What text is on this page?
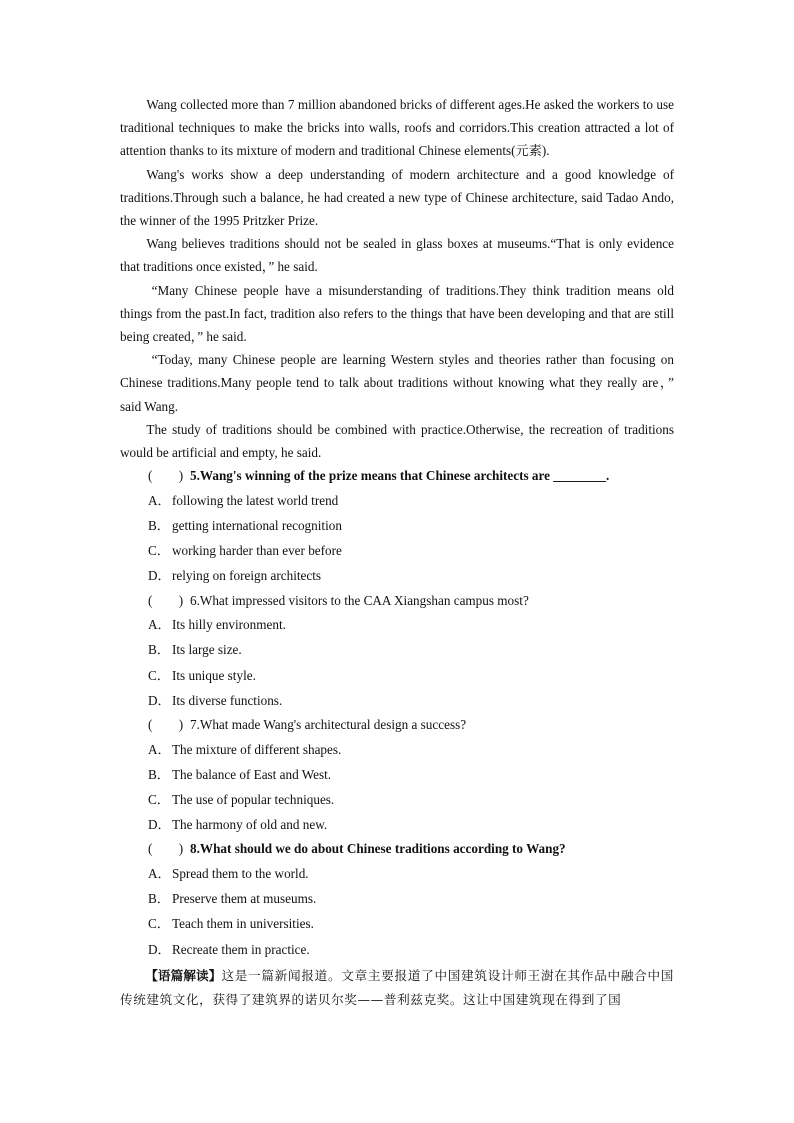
Wang collected more than 7 million abandoned bricks of different ages.He asked the workers to use traditional techniques to make the bricks into walls, roofs and corridors.This creation attracted a lot of attention thanks to its mixture of modern and traditional Chinese elements(元素).

Wang's works show a deep understanding of modern architecture and a good knowledge of traditions.Through such a balance, he had created a new type of Chinese architecture, said Tadao Ando, the winner of the 1995 Pritzker Prize.

Wang believes traditions should not be sealed in glass boxes at museums.“That is only evidence that traditions once existed，” he said.

“Many Chinese people have a misunderstanding of traditions.They think tradition means old things from the past.In fact, tradition also refers to the things that have been developing and that are still being created，” he said.

“Today, many Chinese people are learning Western styles and theories rather than focusing on Chinese traditions.Many people tend to talk about traditions without knowing what they really are，” said Wang.

The study of traditions should be combined with practice.Otherwise, the recreation of traditions would be artificial and empty, he said.

(　　) 5.Wang's winning of the prize means that Chinese architects are ________.

A．following the latest world trend

B． getting international recognition

C． working harder than ever before

D．relying on foreign architects

(　　) 6.What impressed visitors to the CAA Xiangshan campus most?

A．Its hilly environment.

B． Its large size.

C． Its unique style.

D．Its diverse functions.

(　　) 7.What made Wang's architectural design a success?

A．The mixture of different shapes.

B． The balance of East and West.

C． The use of popular techniques.

D．The harmony of old and new.

(　　) 8.What should we do about Chinese traditions according to Wang?

A．Spread them to the world.

B． Preserve them at museums.

C． Teach them in universities.

D．Recreate them in practice.

【语篇解读】这是一篇新闻报道。文章主要报道了中国建筑设计师王澍在其作品中融合中国传统建筑文化，获得了建筑界的诺贝尔奖——普利兹克奖。这让中国建筑现在得到了国
